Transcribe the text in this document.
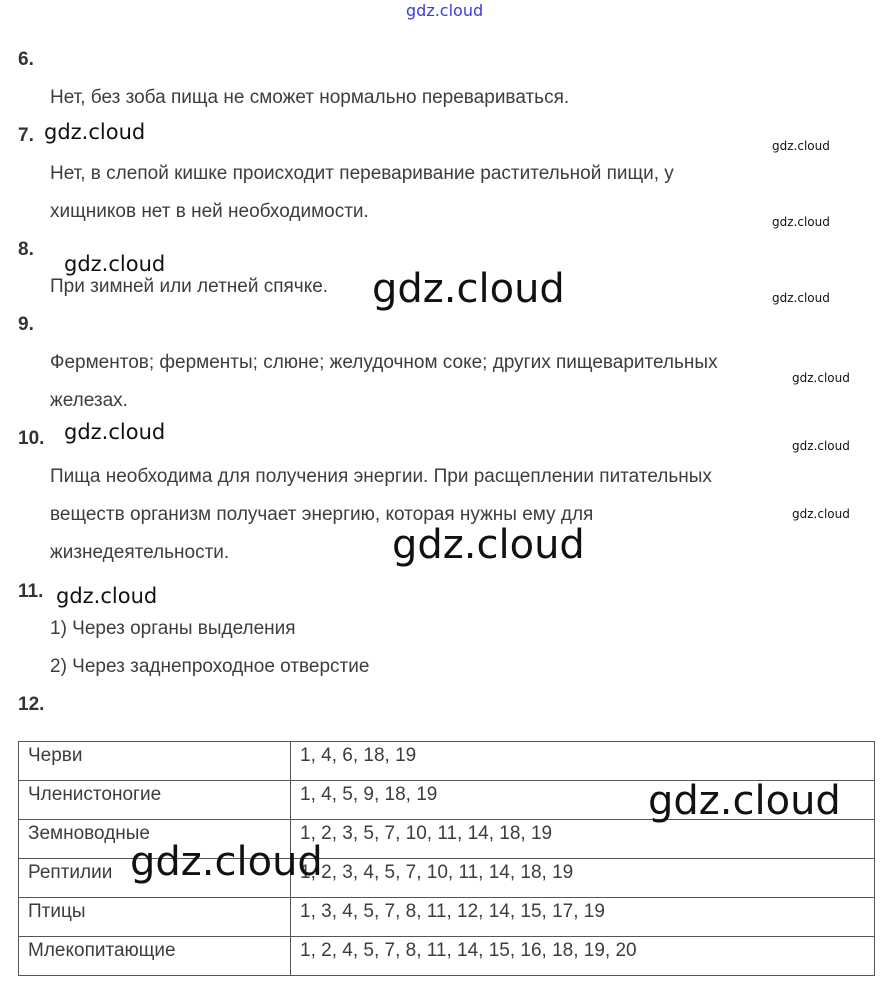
gdz.cloud
6.
Нет, без зоба пища не сможет нормально перевариваться.
7.
Нет, в слепой кишке происходит переваривание растительной пищи, у
хищников нет в ней необходимости.
8.
При зимней или летней спячке.
9.
Ферментов; ферменты; слюне; желудочном соке; других пищеварительных
железах.
10.
Пища необходима для получения энергии. При расщеплении питательных
веществ организм получает энергию, которая нужны ему для
жизнедеятельности.
11.
1) Через органы выделения
2) Через заднепроходное отверстие
12.
Черви	1, 4, 6, 18, 19
Членистоногие	1, 4, 5, 9, 18, 19
Земноводные	1, 2, 3, 5, 7, 10, 11, 14, 18, 19
Рептилии	1, 2, 3, 4, 5, 7, 10, 11, 14, 18, 19
Птицы	1, 3, 4, 5, 7, 8, 11, 12, 14, 15, 17, 19
Млекопитающие	1, 2, 4, 5, 7, 8, 11, 14, 15, 16, 18, 19, 20
gdz.cloud
gdz.cloud
gdz.cloud
gdz.cloud
gdz.cloud	gdz.cloud
gdz.cloud
gdz.cloud
gdz.cloud
gdz.cloud
gdz.cloud
gdz.cloud
gdz.cloud
gdz.cloud
